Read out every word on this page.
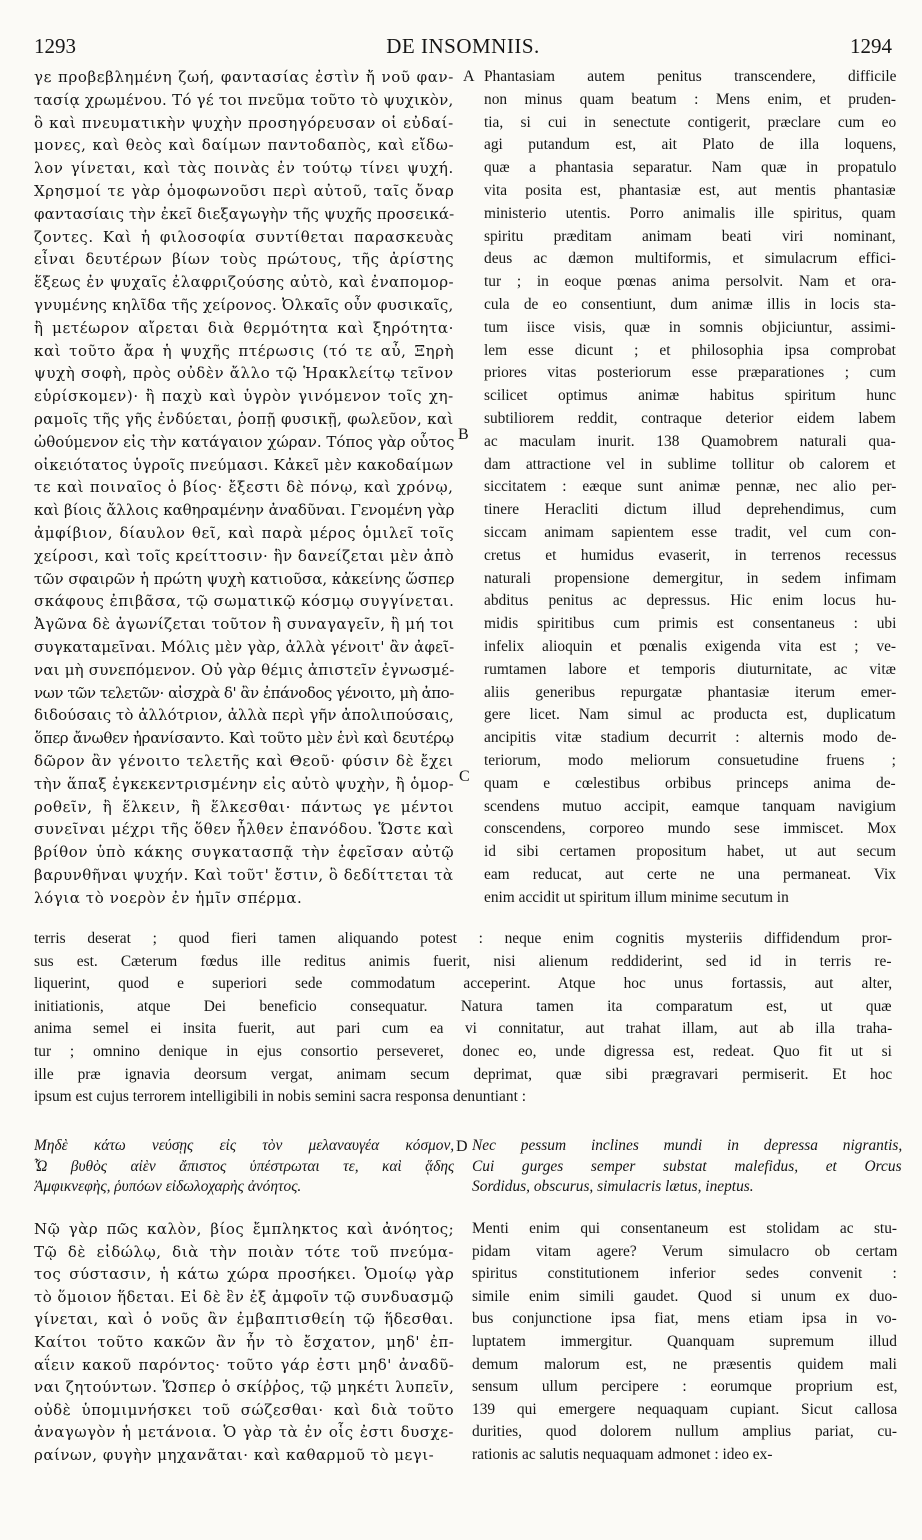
1293	DE INSOMNIIS.	1294
γε προβεβλημένη ζωή, φαντασίας ἐστὶν ἤ νοῦ φαν-
τασίᾳ χρωμένου. Τό γέ τοι πνεῦμα τοῦτο τὸ ψυχικὸν,
ὃ καὶ πνευματικὴν ψυχὴν προσηγόρευσαν οἱ εὐδαί-
μονες, καὶ θεὸς καὶ δαίμων παντοδαπὸς, καὶ εἴδω-
λον γίνεται, καὶ τὰς ποινὰς ἐν τούτῳ τίνει ψυχή.
Χρησμοί τε γὰρ ὁμοφωνοῦσι περὶ αὐτοῦ, ταῖς ὄναρ
φαντασίαις τὴν ἐκεῖ διεξαγωγὴν τῆς ψυχῆς προσεικά-
ζοντες. Καὶ ἡ φιλοσοφία συντίθεται παρασκευὰς
εἶναι δευτέρων βίων τοὺς πρώτους, τῆς ἀρίστης
ἕξεως ἐν ψυχαῖς ἐλαφριζούσης αὐτὸ, καὶ ἐναπομορ-
γνυμένης κηλῖδα τῆς χείρονος. Ὀλκαῖς οὖν φυσικαῖς,
ἢ μετέωρον αἴρεται διὰ θερμότητα καὶ ξηρότητα·
καὶ τοῦτο ἄρα ἡ ψυχῆς πτέρωσις (τό τε αὖ, Ξηρὴ
ψυχὴ σοφὴ, πρὸς οὐδὲν ἄλλο τῷ Ἡρακλείτῳ τεῖνον
εὑρίσκομεν)· ἢ παχὺ καὶ ὑγρὸν γινόμενον τοῖς χη-
ραμοῖς τῆς γῆς ἐνδύεται, ῥοπῇ φυσικῇ, φωλεῦον, καὶ
ὠθούμενον εἰς τὴν κατάγαιον χώραν. Τόπος γὰρ οὗτος
οἰκειότατος ὑγροῖς πνεύμασι. Κἀκεῖ μὲν κακοδαίμων
τε καὶ ποιναῖος ὁ βίος· ἔξεστι δὲ πόνῳ, καὶ χρόνῳ,
καὶ βίοις ἄλλοις καθηραμένην ἀναδῦναι. Γενομένη γὰρ
ἀμφίβιον, δίαυλον θεῖ, καὶ παρὰ μέρος ὁμιλεῖ τοῖς
χείροσι, καὶ τοῖς κρείττοσιν· ἣν δανείζεται μὲν ἀπὸ
τῶν σφαιρῶν ἡ πρώτη ψυχὴ κατιοῦσα, κἀκείνης ὥσπερ
σκάφους ἐπιβᾶσα, τῷ σωματικῷ κόσμῳ συγγίνεται.
Ἀγῶνα δὲ ἀγωνίζεται τοῦτον ἢ συναγαγεῖν, ἢ μή τοι
συγκαταμεῖναι. Μόλις μὲν γὰρ, ἀλλὰ γένοιτ' ἂν ἀφεῖ-
ναι μὴ συνεπόμενον. Οὐ γὰρ θέμις ἀπιστεῖν ἐγνωσμέ-
νων τῶν τελετῶν· αἰσχρὰ δ' ἂν ἐπάνοδος γένοιτο, μὴ ἀπο-
διδούσαις τὸ ἀλλότριον, ἀλλὰ περὶ γῆν ἀπολιπούσαις,
ὅπερ ἄνωθεν ἠρανίσαντο. Καὶ τοῦτο μὲν ἑνὶ καὶ δευτέρῳ
δῶρον ἂν γένοιτο τελετῆς καὶ Θεοῦ· φύσιν δὲ ἔχει
τὴν ἅπαξ ἐγκεκεντρισμένην εἰς αὐτὸ ψυχὴν, ἢ ὁμορ-
ροθεῖν, ἢ ἕλκειν, ἢ ἕλκεσθαι· πάντως γε μέντοι
συνεῖναι μέχρι τῆς ὅθεν ἦλθεν ἐπανόδου. Ὥστε καὶ
βρίθον ὑπὸ κάκης συγκατασπᾷ τὴν ἐφεῖσαν αὐτῷ
βαρυνθῆναι ψυχήν. Καὶ τοῦτ' ἔστιν, ὃ δεδίττεται τὰ
λόγια τὸ νοερὸν ἐν ἡμῖν σπέρμα.
Phantasiam autem penitus transcendere, difficile
non minus quam beatum : Mens enim, et pruden-
tia, si cui in senectute contigerit, præclare cum eo
agi putandum est, ait Plato de illa loquens,
quæ a phantasia separatur. Nam quæ in propatulo
vita posita est, phantasiæ est, aut mentis phantasiæ
ministerio utentis. Porro animalis ille spiritus, quam
spiritu præditam animam beati viri nominant,
deus ac dæmon multiformis, et simulacrum effici-
tur ; in eoque pœnas anima persolvit. Nam et ora-
cula de eo consentiunt, dum animæ illis in locis sta-
tum iisce visis, quæ in somnis objiciuntur, assimi-
lem esse dicunt ; et philosophia ipsa comprobat
priores vitas posteriorum esse præparationes ; cum
scilicet optimus animæ habitus spiritum hunc
subtiliorem reddit, contraque deterior eidem labem
ac maculam inurit. 138 Quamobrem naturali qua-
dam attractione vel in sublime tollitur ob calorem et
siccitatem : eæque sunt animæ pennæ, nec alio per-
tinere Heracliti dictum illud deprehendimus, cum
siccam animam sapientem esse tradit, vel cum con-
cretus et humidus evaserit, in terrenos recessus
naturali propensione demergitur, in sedem infimam
abditus penitus ac depressus. Hic enim locus hu-
midis spiritibus cum primis est consentaneus : ubi
infelix alioquin et pœnalis exigenda vita est ; ve-
rumtamen labore et temporis diuturnitate, ac vitæ
aliis generibus repurgatæ phantasiæ iterum emer-
gere licet. Nam simul ac producta est, duplicatum
ancipitis vitæ stadium decurrit : alternis modo de-
teriorum, modo meliorum consuetudine fruens ;
quam e cœlestibus orbibus princeps anima de-
scendens mutuo accipit, eamque tanquam navigium
conscendens, corporeo mundo sese immiscet. Mox
id sibi certamen propositum habet, ut aut secum
eam reducat, aut certe ne una permaneat. Vix
enim accidit ut spiritum illum minime secutum in
terris deserat ; quod fieri tamen aliquando potest : neque enim cognitis mysteriis diffidendum pror-
sus est. Cæterum fœdus ille reditus animis fuerit, nisi alienum reddiderint, sed id in terris re-
liquerint, quod e superiori sede commodatum acceperint. Atque hoc unus fortassis, aut alter,
initiationis, atque Dei beneficio consequatur. Natura tamen ita comparatum est, ut quæ
anima semel ei insita fuerit, aut pari cum ea vi connitatur, aut trahat illam, aut ab illa traha-
tur ; omnino denique in ejus consortio perseveret, donec eo, unde digressa est, redeat. Quo fit ut si
ille præ ignavia deorsum vergat, animam secum deprimat, quæ sibi prægravari permiserit. Et hoc
ipsum est cujus terrorem intelligibili in nobis semini sacra responsa denuntiant :
Μηδὲ κάτω νεύσῃς εἰς τὸν μελαναυγέα κόσμον,
Ὧ βυθὸς αἰὲν ἄπιστος ὑπέστρωται τε, καὶ ᾅδης
Ἀμφικνεφὴς, ῥυπόων εἰδωλοχαρὴς ἀνόητος.
Nec pessum inclines mundi in depressa nigrantis,
Cui gurges semper substat malefidus, et Orcus
Sordidus, obscurus, simulacris lætus, ineptus.
Νῷ γὰρ πῶς καλὸν, βίος ἔμπληκτος καὶ ἀνόητος;
Τῷ δὲ εἰδώλῳ, διὰ τὴν ποιὰν τότε τοῦ πνεύμα-
τος σύστασιν, ἡ κάτω χώρα προσήκει. Ὁμοίῳ γὰρ
τὸ ὅμοιον ἥδεται. Εἰ δὲ ἓν ἐξ ἀμφοῖν τῷ συνδυασμῷ
γίνεται, καὶ ὁ νοῦς ἂν ἐμβαπτισθείη τῷ ἥδεσθαι.
Καίτοι τοῦτο κακῶν ἂν ἦν τὸ ἔσχατον, μηδ' ἐπ-
αΐειν κακοῦ παρόντος· τοῦτο γάρ ἐστι μηδ' ἀναδῦ-
ναι ζητούντων. Ὥσπερ ὁ σκίῤῥος, τῷ μηκέτι λυπεῖν,
οὐδὲ ὑπομιμνήσκει τοῦ σώζεσθαι· καὶ διὰ τοῦτο
ἀναγωγὸν ἡ μετάνοια. Ὁ γὰρ τὰ ἐν οἷς ἐστι δυσχε-
ραίνων, φυγὴν μηχανᾶται· καὶ καθαρμοῦ τὸ μεγι-
Menti enim qui consentaneum est stolidam ac stu-
pidam vitam agere? Verum simulacro ob certam
spiritus constitutionem inferior sedes convenit :
simile enim simili gaudet. Quod si unum ex duo-
bus conjunctione ipsa fiat, mens etiam ipsa in vo-
luptatem immergitur. Quanquam supremum illud
demum malorum est, ne præsentis quidem mali
sensum ullum percipere : eorumque proprium est,
139 qui emergere nequaquam cupiant. Sicut callosa
durities, quod dolorem nullum amplius pariat, cu-
rationis ac salutis nequaquam admonet : ideo ex-
A
B
C
D
